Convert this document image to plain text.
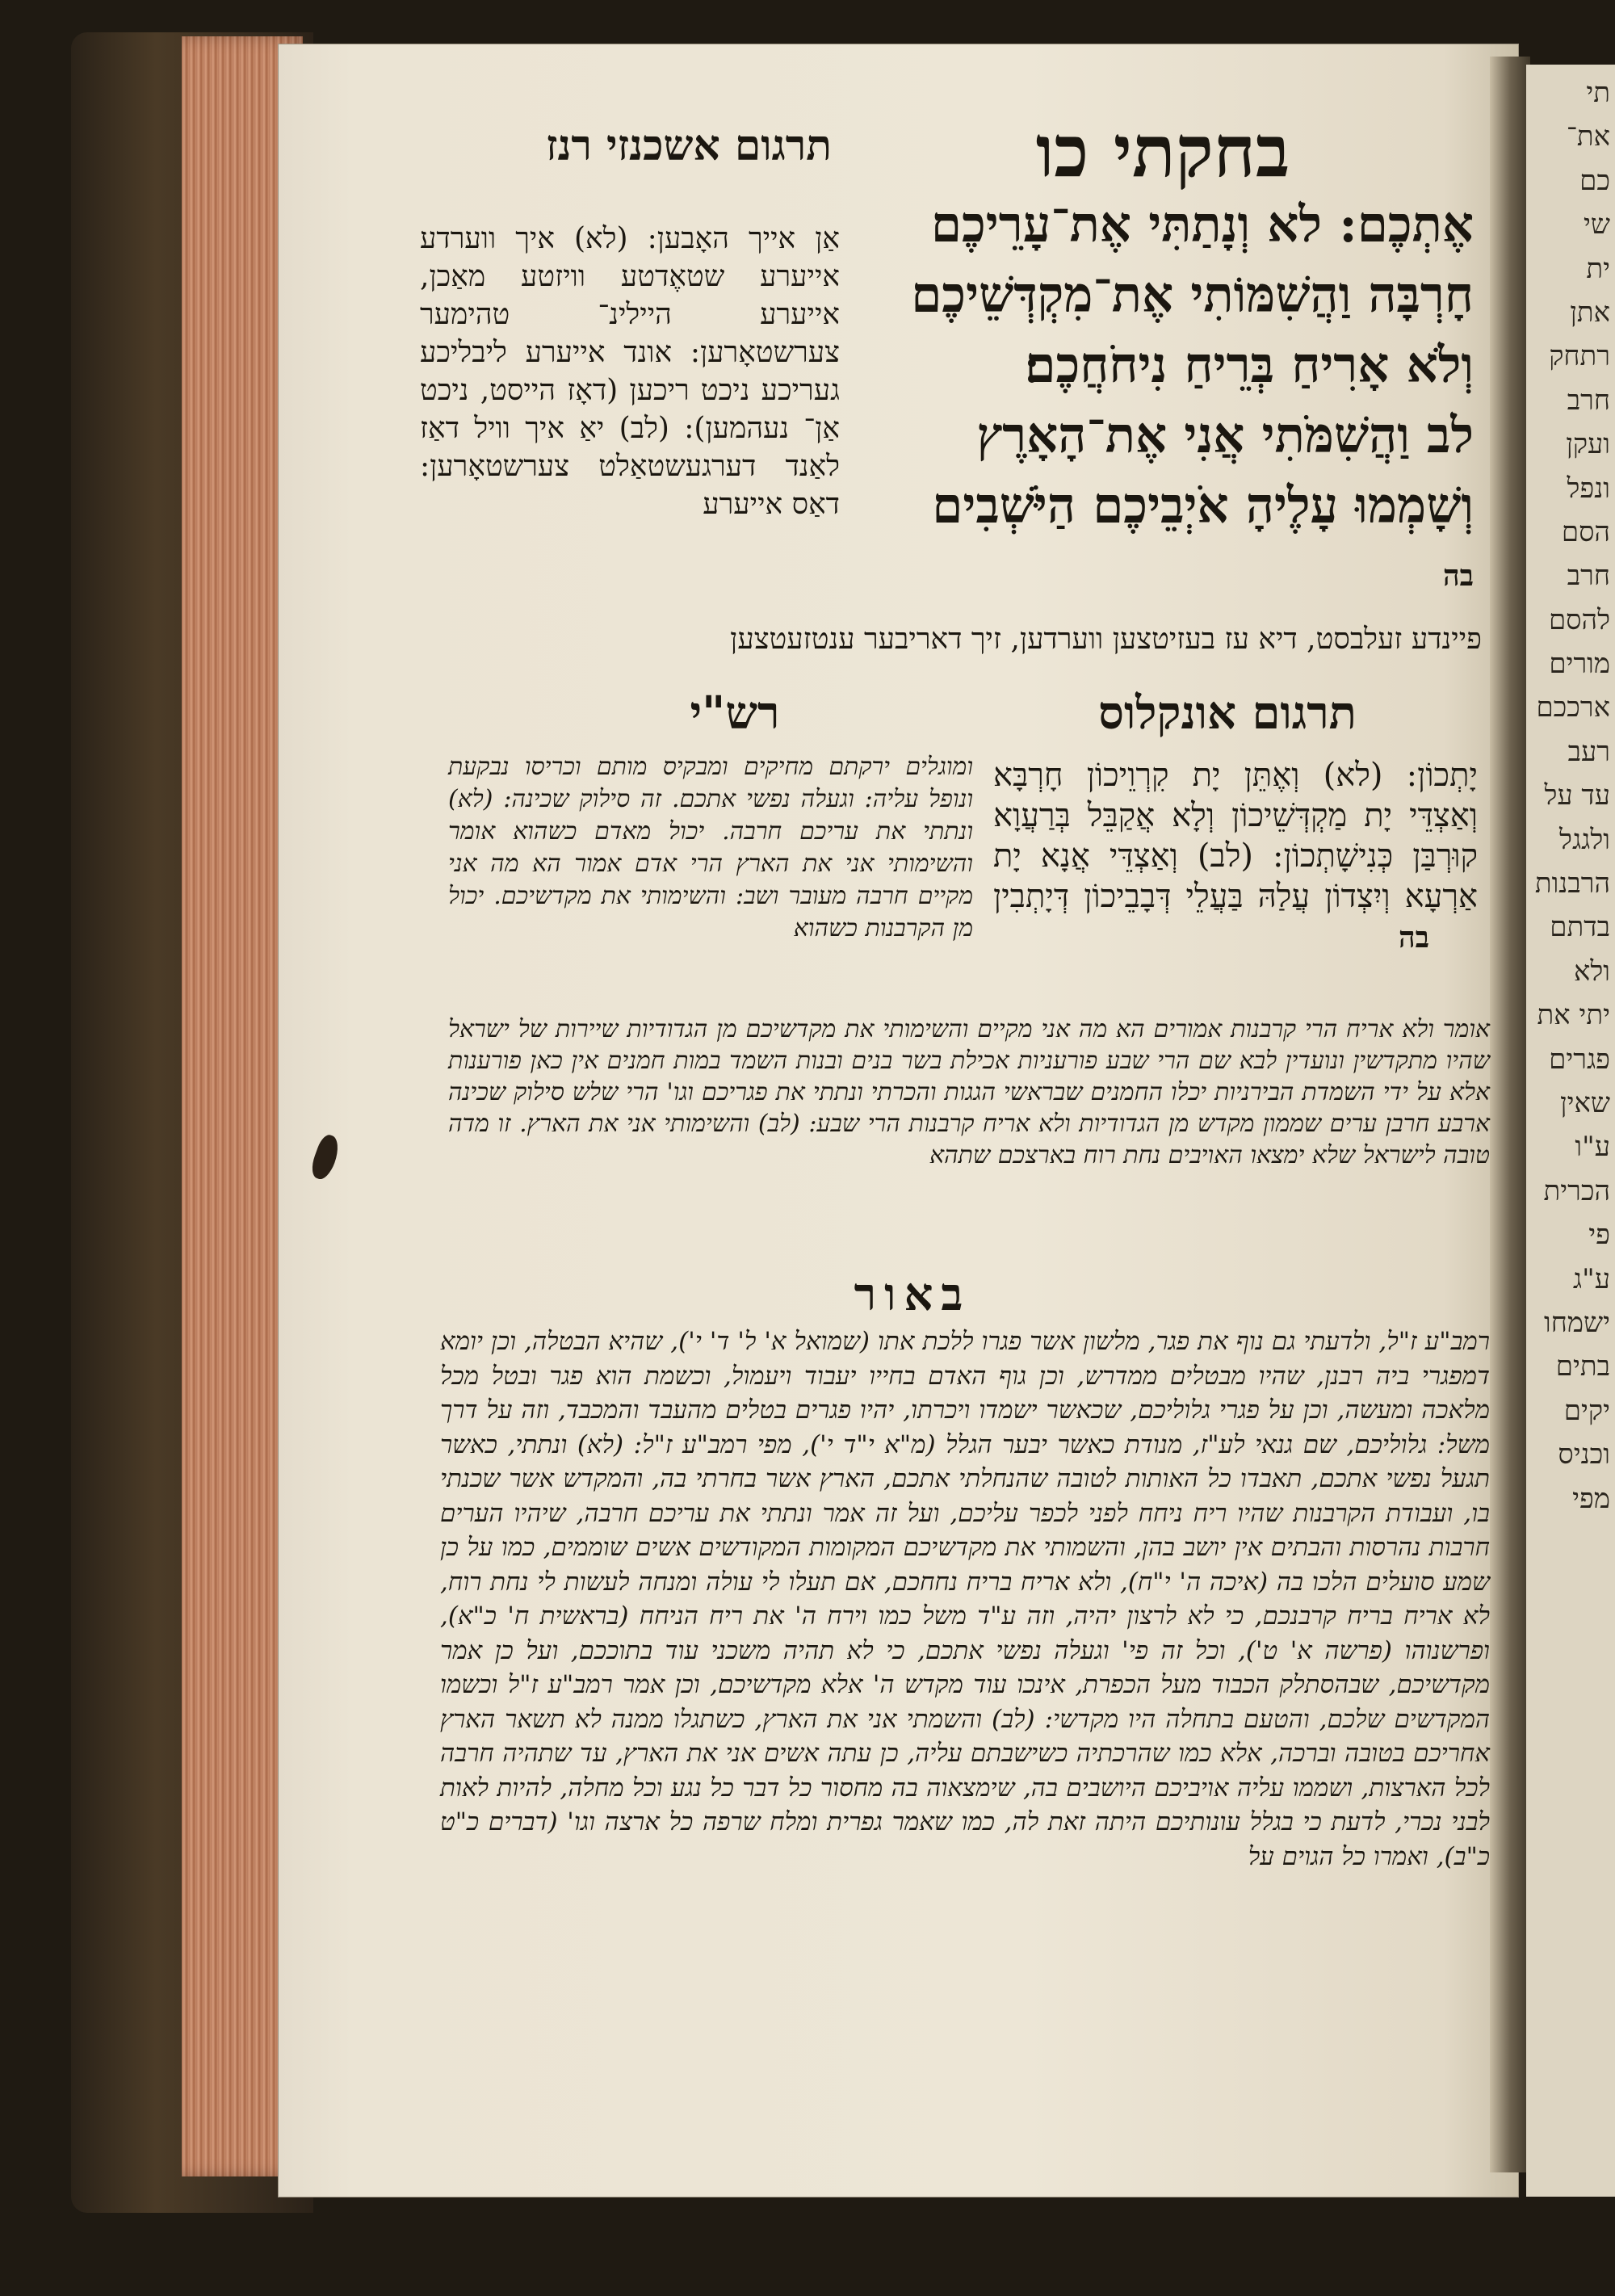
תי
את־
כם
שי
ית
אתן
רתחק
חרב
ועקן
ונפל
הסם
חרב
להסם
מורים
ארככם
רעב
עד על
ולגגל
הרבנות
בדתם
ולא
יתי את
פגרים
שאין
ע"ו
הכרית
פי
ע"ג
ישמחו
בתים
יקים
וכניס
מפי
בחקתי כו
תרגום אשכנזי רנז
אֶתְכֶם: לא וְנָתַתִּי אֶת־עָרֵיכֶם
חָרְבָּה וַהֲשִׁמּוֹתִי אֶת־מִקְדְּשֵׁיכֶם
וְלֹא אָרִיחַ בְּרֵיחַ נִיחֹחֲכֶם׃
לב וַהֲשִׁמֹּתִי אֲנִי אֶת־הָאָרֶץ
וְשָׁמְמוּ עָלֶיהָ אֹיְבֵיכֶם הַיֹּשְׁבִים
בה
אַן אייך האָבען: (לא) איך ווערדע אייערע שטאֶדטע וויזטע מאַכן, אייערע היילינ־ טהימער צערשטאָרען: אונד אייערע ליבליכע געריכע ניכט ריכען (דאָז הייסט, ניכט אַן־ נעהמען): (לב) יאַ איך וויל דאַז לאַנד דערגעשטאַלט צערשטאָרען: דאַס אייערע
פיינדע זעלבסט, דיא עז בעזיטצען ווערדען, זיך דאריבער ענטזעטצען
תרגום אונקלוס
רש"י
יָתְכוֹן: (לא) וְאֶתֵּן יָת קִרְוֵיכוֹן חָרְבָּא וְאַצְדֵּי יָת מַקְדְּשֵׁיכוֹן וְלָא אֲקַבֵּל בְּרַעֲוָא קוּרְבַּן כְּנִישָׁתְכוֹן: (לב) וְאַצְדֵּי אֲנָא יָת אַרְעָא וְיִצְדוֹן עֲלַהּ בַּעֲלֵי דְּבָבֵיכוֹן דְּיָתְבִין בה
ומוגלים ירקתם מחיקים ומבקיס מותם וכריסו נבקעת ונופל עליה: וגעלה נפשי אתכם. זה סילוק שכינה: (לא) ונתתי את עריכם חרבה. יכול מאדם כשהוא אומר והשימותי אני את הארץ הרי אדם אמור הא מה אני מקיים חרבה מעובר ושב: והשימותי את מקדשיכם. יכול מן הקרבנות כשהוא
אומר ולא אריח הרי קרבנות אמורים הא מה אני מקיים והשימותי את מקדשיכם מן הגדודיות שיירות של ישראל שהיו מתקדשין ונועדין לבא שם הרי שבע פורעניות אכילת בשר בנים ובנות השמד במות חמנים אין כאן פורענות אלא על ידי השמדת הבירניות יכלו החמנים שבראשי הגגות והכרתי ונתתי את פגריכם וגו' הרי שלש סילוק שכינה ארבע חרבן ערים שממון מקדש מן הגדודיות ולא אריח קרבנות הרי שבע: (לב) והשימותי אני את הארץ. זו מדה טובה לישראל שלא ימצאו האויבים נחת רוח בארצכם שתהא
באור
רמב"ע ז"ל, ולדעתי גם נוף את פגר, מלשון אשר פגרו ללכת אתו (שמואל א' ל' ד' י'), שהיא הבטלה, וכן יומא דמפגרי ביה רבנן, שהיו מבטלים ממדרש, וכן גוף האדם בחייו יעבוד ויעמול, וכשמת הוא פגר ובטל מכל מלאכה ומעשה, וכן על פגרי גלוליכם, שכאשר ישמדו ויכרתו, יהיו פגרים בטלים מהעבד והמכבד, וזה על דרך משל: גלוליכם, שם גנאי לע"ז, מנודת כאשר יבער הגלל (מ"א י"ד י'), מפי רמב"ע ז"ל: (לא) ונתתי, כאשר תגעל נפשי אתכם, תאבדו כל האותות לטובה שהנחלתי אתכם, הארץ אשר בחרתי בה, והמקדש אשר שכנתי בו, ועבודת הקרבנות שהיו ריח ניחח לפני לכפר עליכם, ועל זה אמר ונתתי את עריכם חרבה, שיהיו הערים חרבות נהרסות והבתים אין יושב בהן, והשמותי את מקדשיכם המקומות המקודשים אשים שוממים, כמו על כן שמע סועלים הלכו בה (איכה ה' י"ח), ולא אריח בריח נחחכם, אם תעלו לי עולה ומנחה לעשות לי נחת רוח, לא אריח בריח קרבנכם, כי לא לרצון יהיה, וזה ע"ד משל כמו וירח ה' את ריח הניחח (בראשית ח' כ"א), ופרשנוהו (פרשה א' ט'), וכל זה פי' וגעלה נפשי אתכם, כי לא תהיה משכני עוד בתוככם, ועל כן אמר מקדשיכם, שבהסתלק הכבוד מעל הכפרת, אינכו עוד מקדש ה' אלא מקדשיכם, וכן אמר רמב"ע ז"ל וכשמו המקדשים שלכם, והטעם בתחלה היו מקדשי: (לב) והשמתי אני את הארץ, כשתגלו ממנה לא תשאר הארץ אחריכם בטובה וברכה, אלא כמו שהרכתיה כשישבתם עליה, כן עתה אשים אני את הארץ, עד שתהיה חרבה לכל הארצות, ושממו עליה אויביכם היושבים בה, שימצאוה בה מחסור כל דבר כל נגע וכל מחלה, להיות לאות לבני נכרי, לדעת כי בגלל עונותיכם היתה זאת לה, כמו שאמר גפרית ומלח שרפה כל ארצה וגו' (דברים כ"ט כ"ב), ואמרו כל הגוים על
